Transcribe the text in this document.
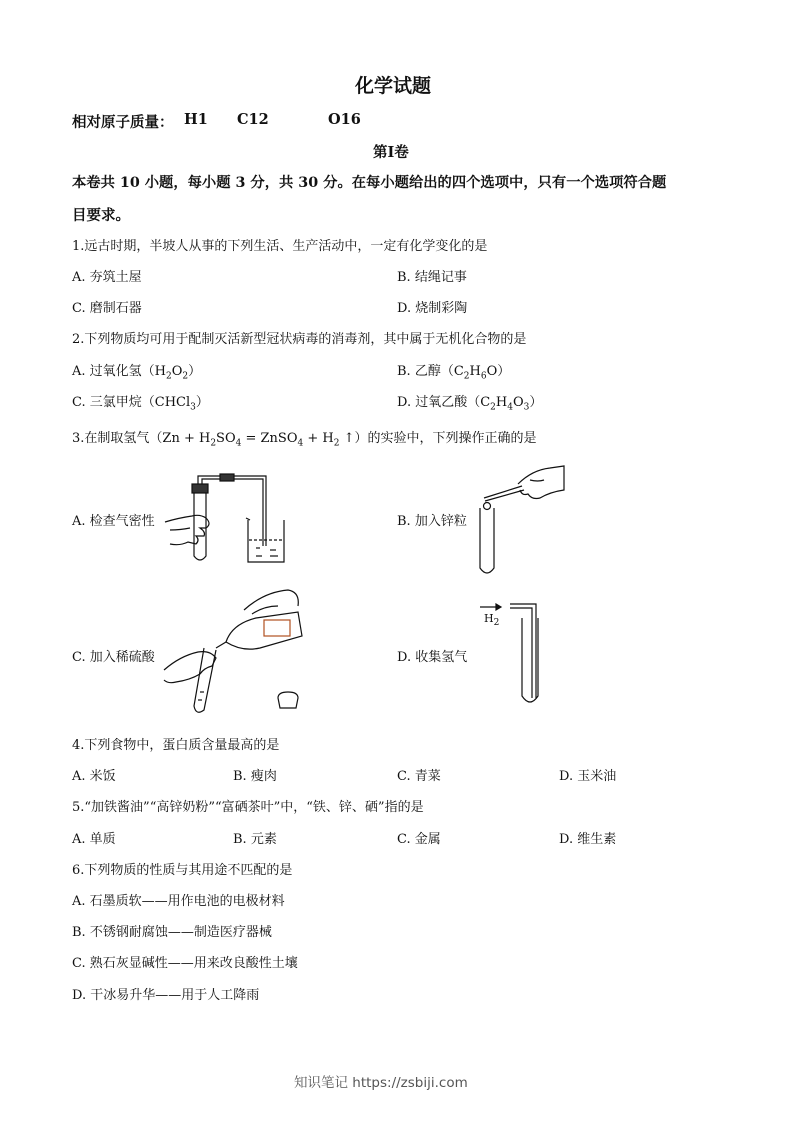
化学试题
相对原子质量： H1 C12	O16
第Ⅰ卷
本卷共 10 小题，每小题 3 分，共 30 分。在每小题给出的四个选项中，只有一个选项符合题
目要求。
1.远古时期，半坡人从事的下列生活、生产活动中，一定有化学变化的是
A. 夯筑土屋	B. 结绳记事
C. 磨制石器	D. 烧制彩陶
2.下列物质均可用于配制灭活新型冠状病毒的消毒剂，其中属于无机化合物的是
A. 过氧化氢$(H_2O_2)$	B. 乙醇$(C_2H_6O)$
C. 三氯甲烷（CHCl$_3$）	D. 过氧乙酸$(C_2H_4O_3)$
3.在制取氢气（$Zn + H_2SO_4$ = ZnSO$_4$ + $H_2$ ↑）的实验中，下列操作正确的是
A. 检查气密性	B. 加入锌粒
C. 加入稀硫酸	D. 收集氢气
$H_2$
4.下列食物中，蛋白质含量最高的是
A. 米饭	B. 瘦肉	C. 青菜	D. 玉米油
5.“加铁酱油”“高锌奶粉”“富硒茶叶”中，“铁、锌、硒”指的是
A. 单质	B. 元素	C. 金属	D. 维生素
6.下列物质的性质与其用途不匹配的是
A. 石墨质软——用作电池的电极材料
B. 不锈钢耐腐蚀——制造医疗器械
C. 熟石灰显碱性——用来改良酸性土壤
D. 干冰易升华——用于人工降雨
知识笔记 https://zsbiji.com
